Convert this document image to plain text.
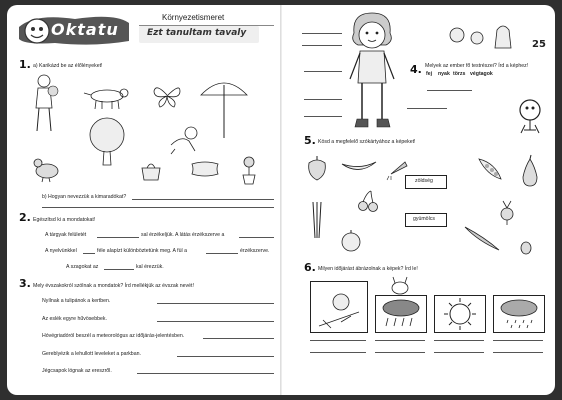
Oktatu
Környezetismeret
Ezt tanultam tavaly
1. a) Karikázd be az élőlényeket!
b) Hogyan nevezzük a kimaradókat?
2. Egészítsd ki a mondatokat!
A tárgyak felületét	sal érzékeljük. A látás érzékszerve a
A nyelvünkkel	féle alapízt különböztetünk meg. A fül a	érzékszerve.
A szagokat az	kal érezzük.
3. Mely évszakokról szólnak a mondatok? Írd mellékjük az évszak nevét!
Nyílnak a tulipánok a kertben.
Az eslék egyre hűvösebbek.
Hóvégriadóról beszél a meteorológus az időjárás-jelentésben.
Gereblyézik a lehullott leveleket a parkban.
Jégcsapok lógnak az ereszről.
25
4. Melyek az ember fő testrészei? Írd a képhez!
fej nyak törzs végtagok
5. Kösd a megfelelő szókártyához a képeket!
zöldség
gyümölcs
6. Milyen időjárást ábrázolnak a képek? Írd le!
